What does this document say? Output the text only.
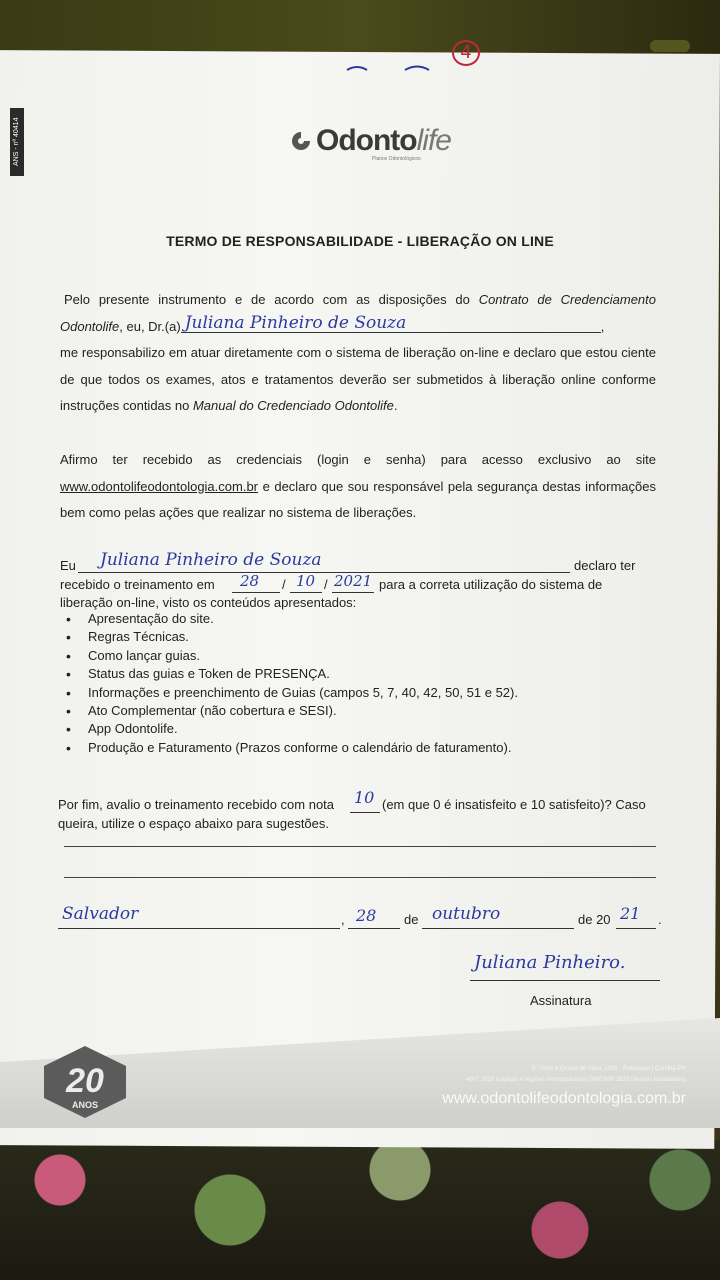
4
ANS - nº 40414	Odontolife
Planos Odontológicos
TERMO DE RESPONSABILIDADE - LIBERAÇÃO ON LINE
Pelo presente instrumento e de acordo com as disposições do Contrato de Credenciamento Odontolife, eu, Dr.(a) Juliana Pinheiro de Souza	,
me responsabilizo em atuar diretamente com o sistema de liberação on-line e declaro que estou ciente de que todos os exames, atos e tratamentos deverão ser submetidos à liberação online conforme instruções contidas no Manual do Credenciado Odontolife.
Afirmo ter recebido as credenciais (login e senha) para acesso exclusivo ao site www.odontolifeodontologia.com.br e declaro que sou responsável pela segurança destas informações bem como pelas ações que realizar no sistema de liberações.
Eu Juliana Pinheiro de Souza	declaro ter
recebido o treinamento em 28 / 10 / 2021 para a correta utilização do sistema de
liberação on-line, visto os conteúdos apresentados:
• Apresentação do site.
• Regras Técnicas.
• Como lançar guias.
• Status das guias e Token de PRESENÇA.
• Informações e preenchimento de Guias (campos 5, 7, 40, 42, 50, 51 e 52).
• Ato Complementar (não cobertura e SESI).
• App Odontolife.
• Produção e Faturamento (Prazos conforme o calendário de faturamento).
Por fim, avalio o treinamento recebido com nota 10 (em que 0 é insatisfeito e 10 satisfeito)? Caso
queira, utilize o espaço abaixo para sugestões.
Salvador	, 28 de outubro	de 20 21 .
Juliana Pinheiro.
Assinatura
20
ANOS
R. Vinte e Quatro de Maio, 1305 - Rebouças | Curitiba-PR
4007 2828 (capitais e regiões metropolitanas) 0800 600 2828 (demais localidades)
www.odontolifeodontologia.com.br
